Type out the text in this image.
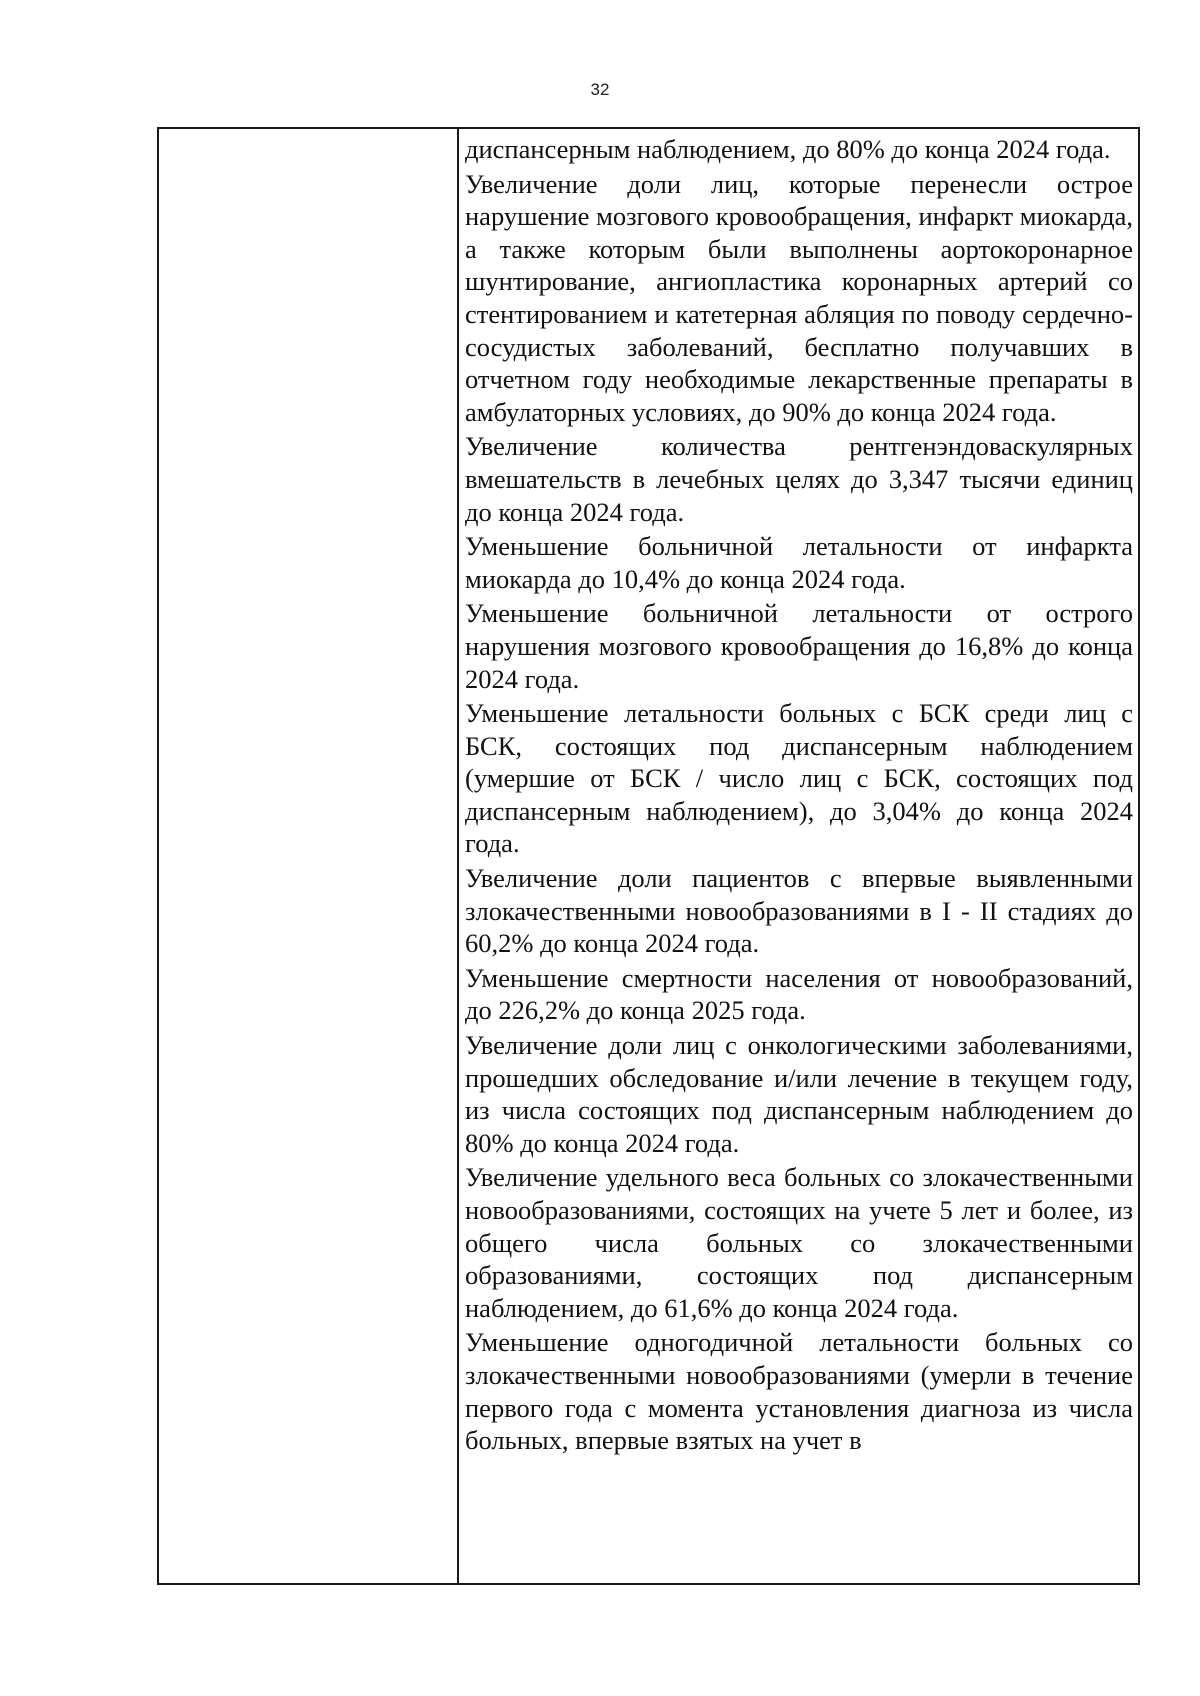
32

диспансерным наблюдением, до 80% до конца 2024 года.

Увеличение доли лиц, которые перенесли острое нарушение мозгового кровообращения, инфаркт миокарда, а также которым были выполнены аортокоронарное шунтирование, ангиопластика коронарных артерий со стентированием и катетерная абляция по поводу сердечно-сосудистых заболеваний, бесплатно получавших в отчетном году необходимые лекарственные препараты в амбулаторных условиях, до 90% до конца 2024 года.

Увеличение количества рентгенэндоваскулярных вмешательств в лечебных целях до 3,347 тысячи единиц до конца 2024 года.

Уменьшение больничной летальности от инфаркта миокарда до 10,4% до конца 2024 года.

Уменьшение больничной летальности от острого нарушения мозгового кровообращения до 16,8% до конца 2024 года.

Уменьшение летальности больных с БСК среди лиц с БСК, состоящих под диспансерным наблюдением (умершие от БСК / число лиц с БСК, состоящих под диспансерным наблюдением), до 3,04% до конца 2024 года.

Увеличение доли пациентов с впервые выявленными злокачественными новообразованиями в I - II стадиях до 60,2% до конца 2024 года.

Уменьшение смертности населения от новообразований, до 226,2% до конца 2025 года.

Увеличение доли лиц с онкологическими заболеваниями, прошедших обследование и/или лечение в текущем году, из числа состоящих под диспансерным наблюдением до 80% до конца 2024 года.

Увеличение удельного веса больных со злокачественными новообразованиями, состоящих на учете 5 лет и более, из общего числа больных со злокачественными образованиями, состоящих под диспансерным наблюдением, до 61,6% до конца 2024 года.

Уменьшение одногодичной летальности больных со злокачественными новообразованиями (умерли в течение первого года с момента установления диагноза из числа больных, впервые взятых на учет в
